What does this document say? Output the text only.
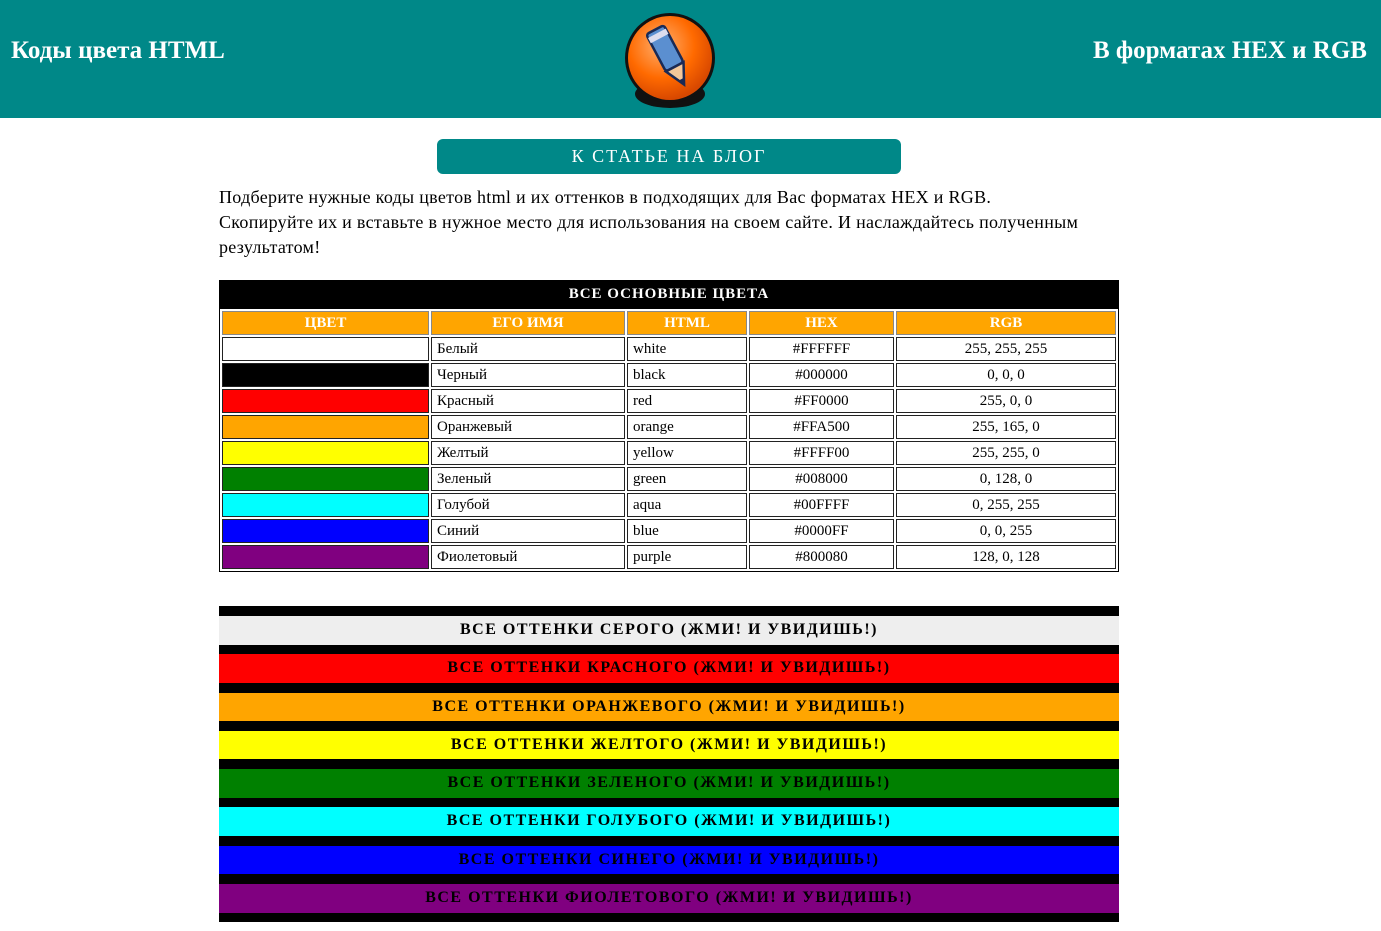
Коды цвета HTML	В форматах HEX и RGB
К СТАТЬЕ НА БЛОГ
Подберите нужные коды цветов html и их оттенков в подходящих для Вас форматах HEX и RGB. Скопируйте их и вставьте в нужное место для использования на своем сайте. И наслаждайтесь полученным результатом!
ВСЕ ОСНОВНЫЕ ЦВЕТА
ЦВЕТ	ЕГО ИМЯ	HTML	HEX	RGB
	Белый	white	#FFFFFF	255, 255, 255
	Черный	black	#000000	0, 0, 0
	Красный	red	#FF0000	255, 0, 0
	Оранжевый	orange	#FFA500	255, 165, 0
	Желтый	yellow	#FFFF00	255, 255, 0
	Зеленый	green	#008000	0, 128, 0
	Голубой	aqua	#00FFFF	0, 255, 255
	Синий	blue	#0000FF	0, 0, 255
	Фиолетовый	purple	#800080	128, 0, 128
ВСЕ ОТТЕНКИ СЕРОГО (ЖМИ! И УВИДИШЬ!)
ВСЕ ОТТЕНКИ КРАСНОГО (ЖМИ! И УВИДИШЬ!)
ВСЕ ОТТЕНКИ ОРАНЖЕВОГО (ЖМИ! И УВИДИШЬ!)
ВСЕ ОТТЕНКИ ЖЕЛТОГО (ЖМИ! И УВИДИШЬ!)
ВСЕ ОТТЕНКИ ЗЕЛЕНОГО (ЖМИ! И УВИДИШЬ!)
ВСЕ ОТТЕНКИ ГОЛУБОГО (ЖМИ! И УВИДИШЬ!)
ВСЕ ОТТЕНКИ СИНЕГО (ЖМИ! И УВИДИШЬ!)
ВСЕ ОТТЕНКИ ФИОЛЕТОВОГО (ЖМИ! И УВИДИШЬ!)
